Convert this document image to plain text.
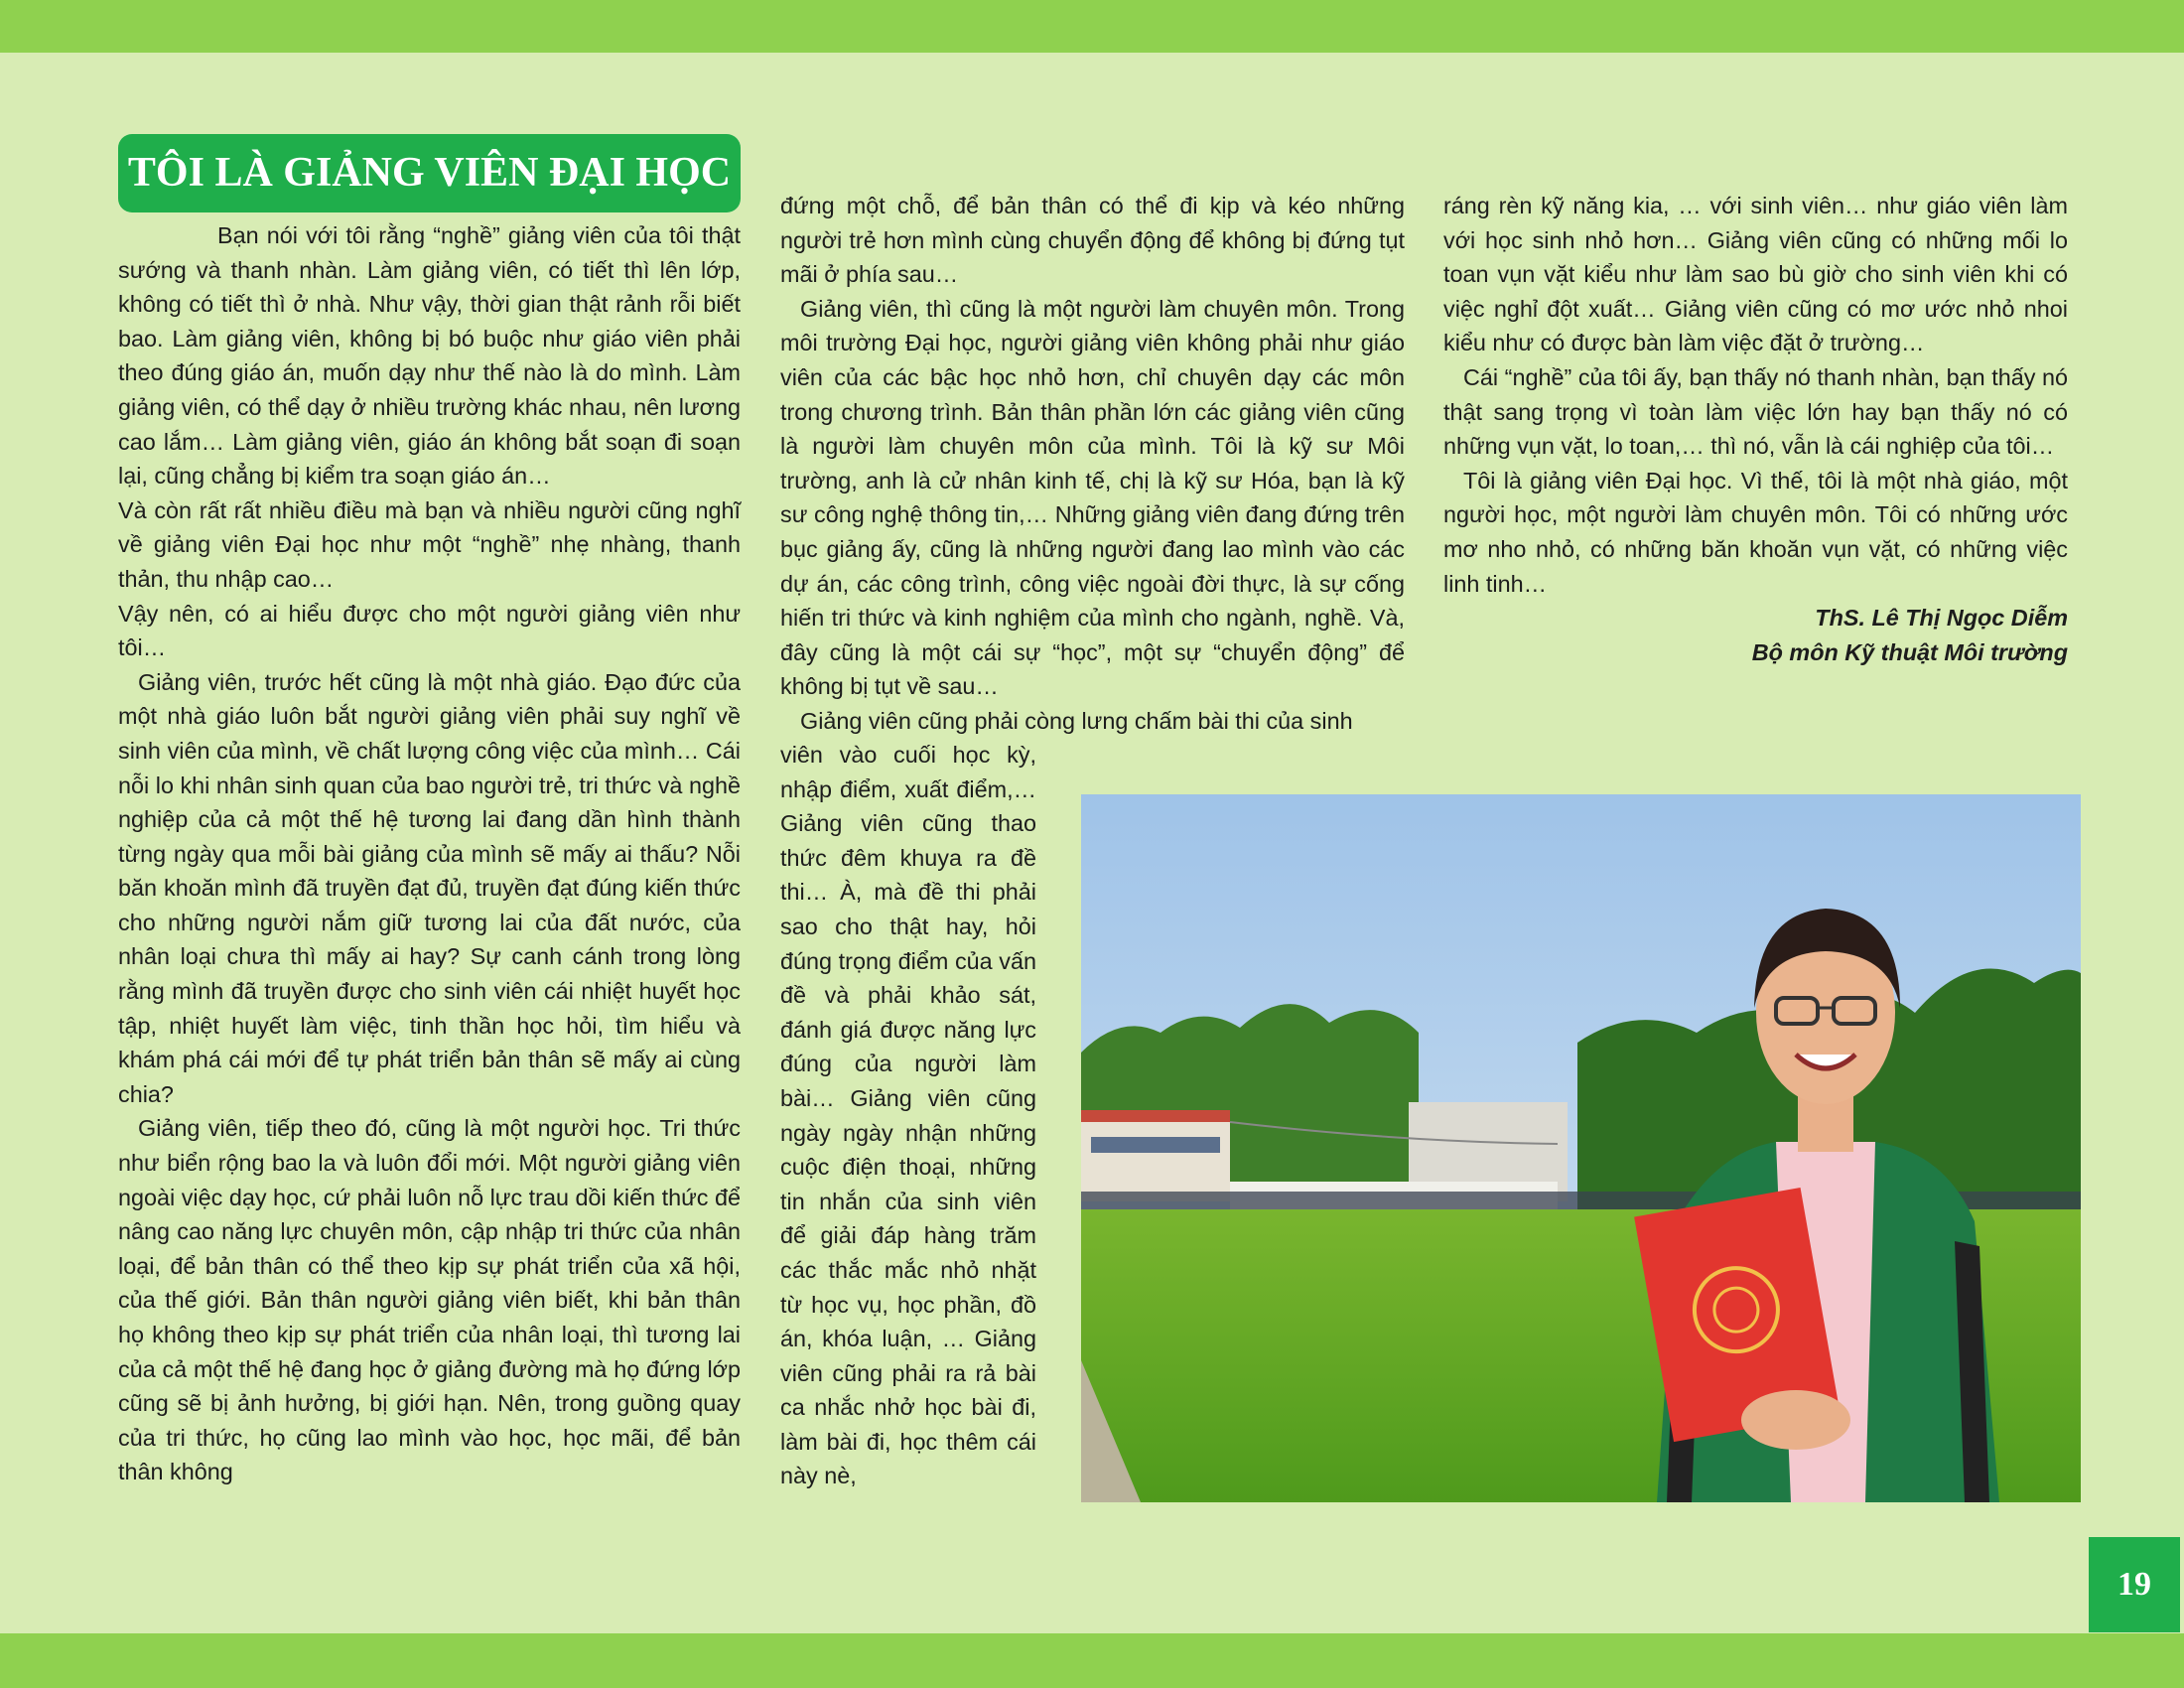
TÔI LÀ GIẢNG VIÊN ĐẠI HỌC

Bạn nói với tôi rằng “nghề” giảng viên của tôi thật sướng và thanh nhàn. Làm giảng viên, có tiết thì lên lớp, không có tiết thì ở nhà. Như vậy, thời gian thật rảnh rỗi biết bao. Làm giảng viên, không bị bó buộc như giáo viên phải theo đúng giáo án, muốn dạy như thế nào là do mình. Làm giảng viên, có thể dạy ở nhiều trường khác nhau, nên lương cao lắm… Làm giảng viên, giáo án không bắt soạn đi soạn lại, cũng chẳng bị kiểm tra soạn giáo án…

Và còn rất rất nhiều điều mà bạn và nhiều người cũng nghĩ về giảng viên Đại học như một “nghề” nhẹ nhàng, thanh thản, thu nhập cao…

Vậy nên, có ai hiểu được cho một người giảng viên như tôi…

Giảng viên, trước hết cũng là một nhà giáo. Đạo đức của một nhà giáo luôn bắt người giảng viên phải suy nghĩ về sinh viên của mình, về chất lượng công việc của mình… Cái nỗi lo khi nhân sinh quan của bao người trẻ, tri thức và nghề nghiệp của cả một thế hệ tương lai đang dần hình thành từng ngày qua mỗi bài giảng của mình sẽ mấy ai thấu? Nỗi băn khoăn mình đã truyền đạt đủ, truyền đạt đúng kiến thức cho những người nắm giữ tương lai của đất nước, của nhân loại chưa thì mấy ai hay? Sự canh cánh trong lòng rằng mình đã truyền được cho sinh viên cái nhiệt huyết học tập, nhiệt huyết làm việc, tinh thần học hỏi, tìm hiểu và khám phá cái mới để tự phát triển bản thân sẽ mấy ai cùng chia?

Giảng viên, tiếp theo đó, cũng là một người học. Tri thức như biển rộng bao la và luôn đổi mới. Một người giảng viên ngoài việc dạy học, cứ phải luôn nỗ lực trau dồi kiến thức để nâng cao năng lực chuyên môn, cập nhập tri thức của nhân loại, để bản thân có thể theo kịp sự phát triển của xã hội, của thế giới. Bản thân người giảng viên biết, khi bản thân họ không theo kịp sự phát triển của nhân loại, thì tương lai của cả một thế hệ đang học ở giảng đường mà họ đứng lớp cũng sẽ bị ảnh hưởng, bị giới hạn. Nên, trong guồng quay của tri thức, họ cũng lao mình vào học, học mãi, để bản thân không

đứng một chỗ, để bản thân có thể đi kịp và kéo những người trẻ hơn mình cùng chuyển động để không bị đứng tụt mãi ở phía sau…

Giảng viên, thì cũng là một người làm chuyên môn. Trong môi trường Đại học, người giảng viên không phải như giáo viên của các bậc học nhỏ hơn, chỉ chuyên dạy các môn trong chương trình. Bản thân phần lớn các giảng viên cũng là người làm chuyên môn của mình. Tôi là kỹ sư Môi trường, anh là cử nhân kinh tế, chị là kỹ sư Hóa, bạn là kỹ sư công nghệ thông tin,… Những giảng viên đang đứng trên bục giảng ấy, cũng là những người đang lao mình vào các dự án, các công trình, công việc ngoài đời thực, là sự cống hiến tri thức và kinh nghiệm của mình cho ngành, nghề. Và, đây cũng là một cái sự “học”, một sự “chuyển động” để không bị tụt về sau…

Giảng viên cũng phải còng lưng chấm bài thi của sinh

viên vào cuối học kỳ, nhập điểm, xuất điểm,… Giảng viên cũng thao thức đêm khuya ra đề thi… À, mà đề thi phải sao cho thật hay, hỏi đúng trọng điểm của vấn đề và phải khảo sát, đánh giá được năng lực đúng của người làm bài… Giảng viên cũng ngày ngày nhận những cuộc điện thoại, những tin nhắn của sinh viên để giải đáp hàng trăm các thắc mắc nhỏ nhặt từ học vụ, học phần, đồ án, khóa luận, … Giảng viên cũng phải ra rả bài ca nhắc nhở học bài đi, làm bài đi, học thêm cái này nè,

ráng rèn kỹ năng kia, … với sinh viên… như giáo viên làm với học sinh nhỏ hơn… Giảng viên cũng có những mối lo toan vụn vặt kiểu như làm sao bù giờ cho sinh viên khi có việc nghỉ đột xuất… Giảng viên cũng có mơ ước nhỏ nhoi kiểu như có được bàn làm việc đặt ở trường…

Cái “nghề” của tôi ấy, bạn thấy nó thanh nhàn, bạn thấy nó thật sang trọng vì toàn làm việc lớn hay bạn thấy nó có những vụn vặt, lo toan,… thì nó, vẫn là cái nghiệp của tôi…

Tôi là giảng viên Đại học. Vì thế, tôi là một nhà giáo, một người học, một người làm chuyên môn. Tôi có những ước mơ nho nhỏ, có những băn khoăn vụn vặt, có những việc linh tinh…

ThS. Lê Thị Ngọc Diễm

Bộ môn Kỹ thuật Môi trường

19
